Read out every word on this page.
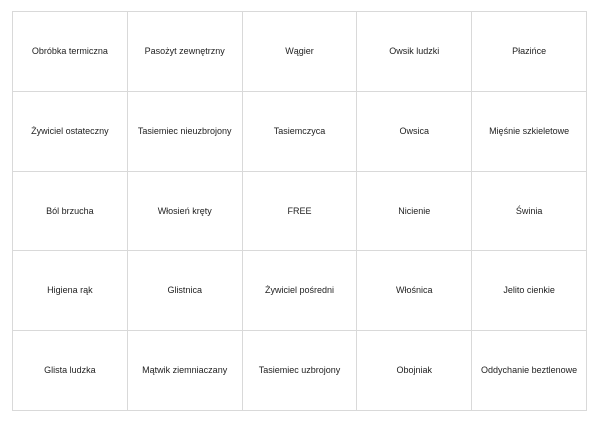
Obróbka termiczna	Pasożyt zewnętrzny	Wągier	Owsik ludzki	Płazińce
Żywiciel ostateczny	Tasiemiec nieuzbrojony	Tasiemczyca	Owsica	Mięśnie szkieletowe
Ból brzucha	Włosień kręty	FREE	Nicienie	Świnia
Higiena rąk	Glistnica	Żywiciel pośredni	Włośnica	Jelito cienkie
Glista ludzka	Mątwik ziemniaczany	Tasiemiec uzbrojony	Obojniak	Oddychanie beztlenowe
